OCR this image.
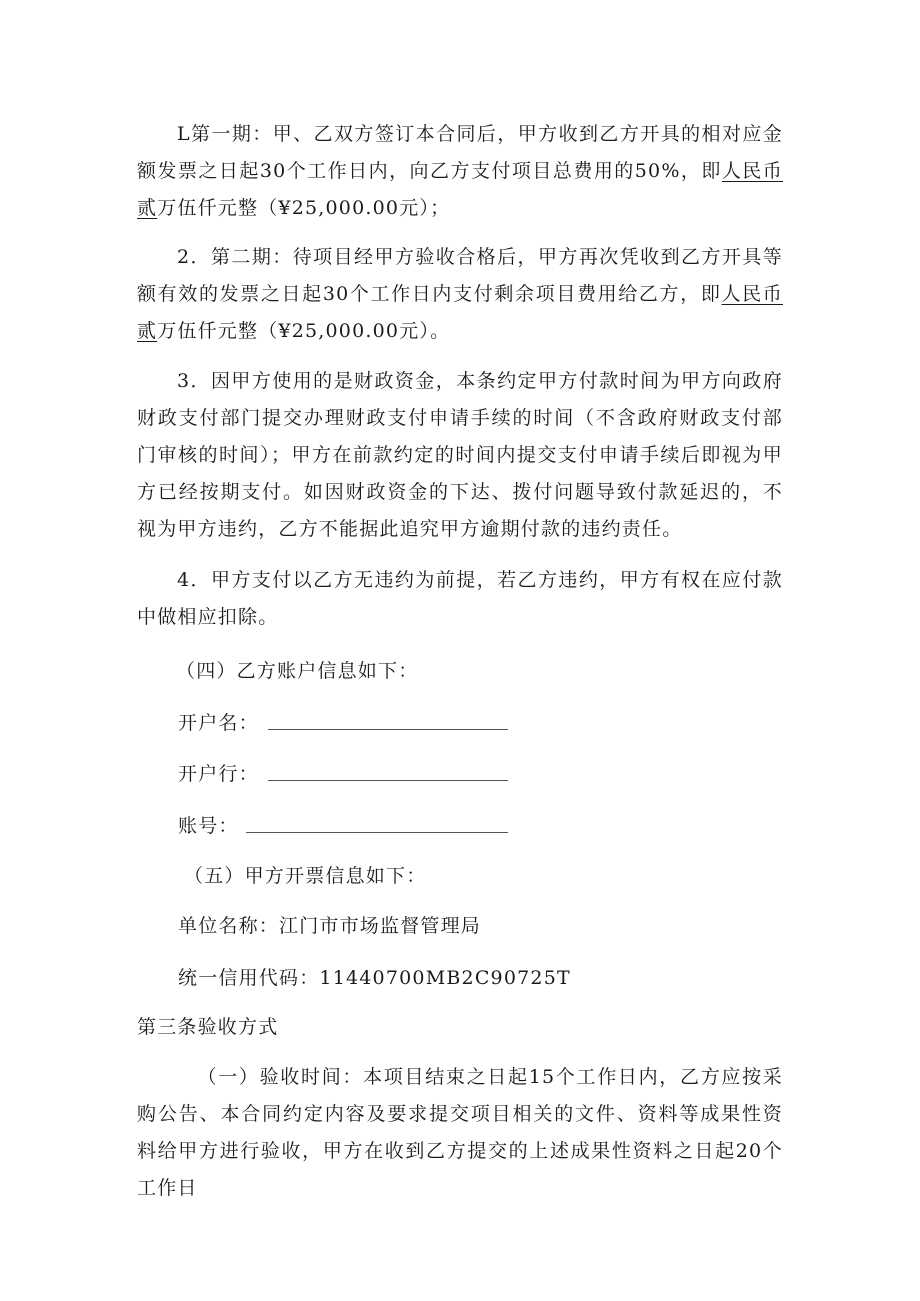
L第一期：甲、乙双方签订本合同后，甲方收到乙方开具的相对应金额发票之日起30个工作日内，向乙方支付项目总费用的50%，即人民币贰万伍仟元整（¥25,000.00元）；

2．第二期：待项目经甲方验收合格后，甲方再次凭收到乙方开具等额有效的发票之日起30个工作日内支付剩余项目费用给乙方，即人民币贰万伍仟元整（¥25,000.00元）。

3．因甲方使用的是财政资金，本条约定甲方付款时间为甲方向政府财政支付部门提交办理财政支付申请手续的时间（不含政府财政支付部门审核的时间）；甲方在前款约定的时间内提交支付申请手续后即视为甲方已经按期支付。如因财政资金的下达、拨付问题导致付款延迟的，不视为甲方违约，乙方不能据此追究甲方逾期付款的违约责任。

4．甲方支付以乙方无违约为前提，若乙方违约，甲方有权在应付款中做相应扣除。

（四）乙方账户信息如下：
开户名：
开户行：
账号：
（五）甲方开票信息如下：
单位名称：江门市市场监督管理局
统一信用代码：11440700MB2C90725T
第三条验收方式

（一）验收时间：本项目结束之日起15个工作日内，乙方应按采购公告、本合同约定内容及要求提交项目相关的文件、资料等成果性资料给甲方进行验收，甲方在收到乙方提交的上述成果性资料之日起20个工作日
